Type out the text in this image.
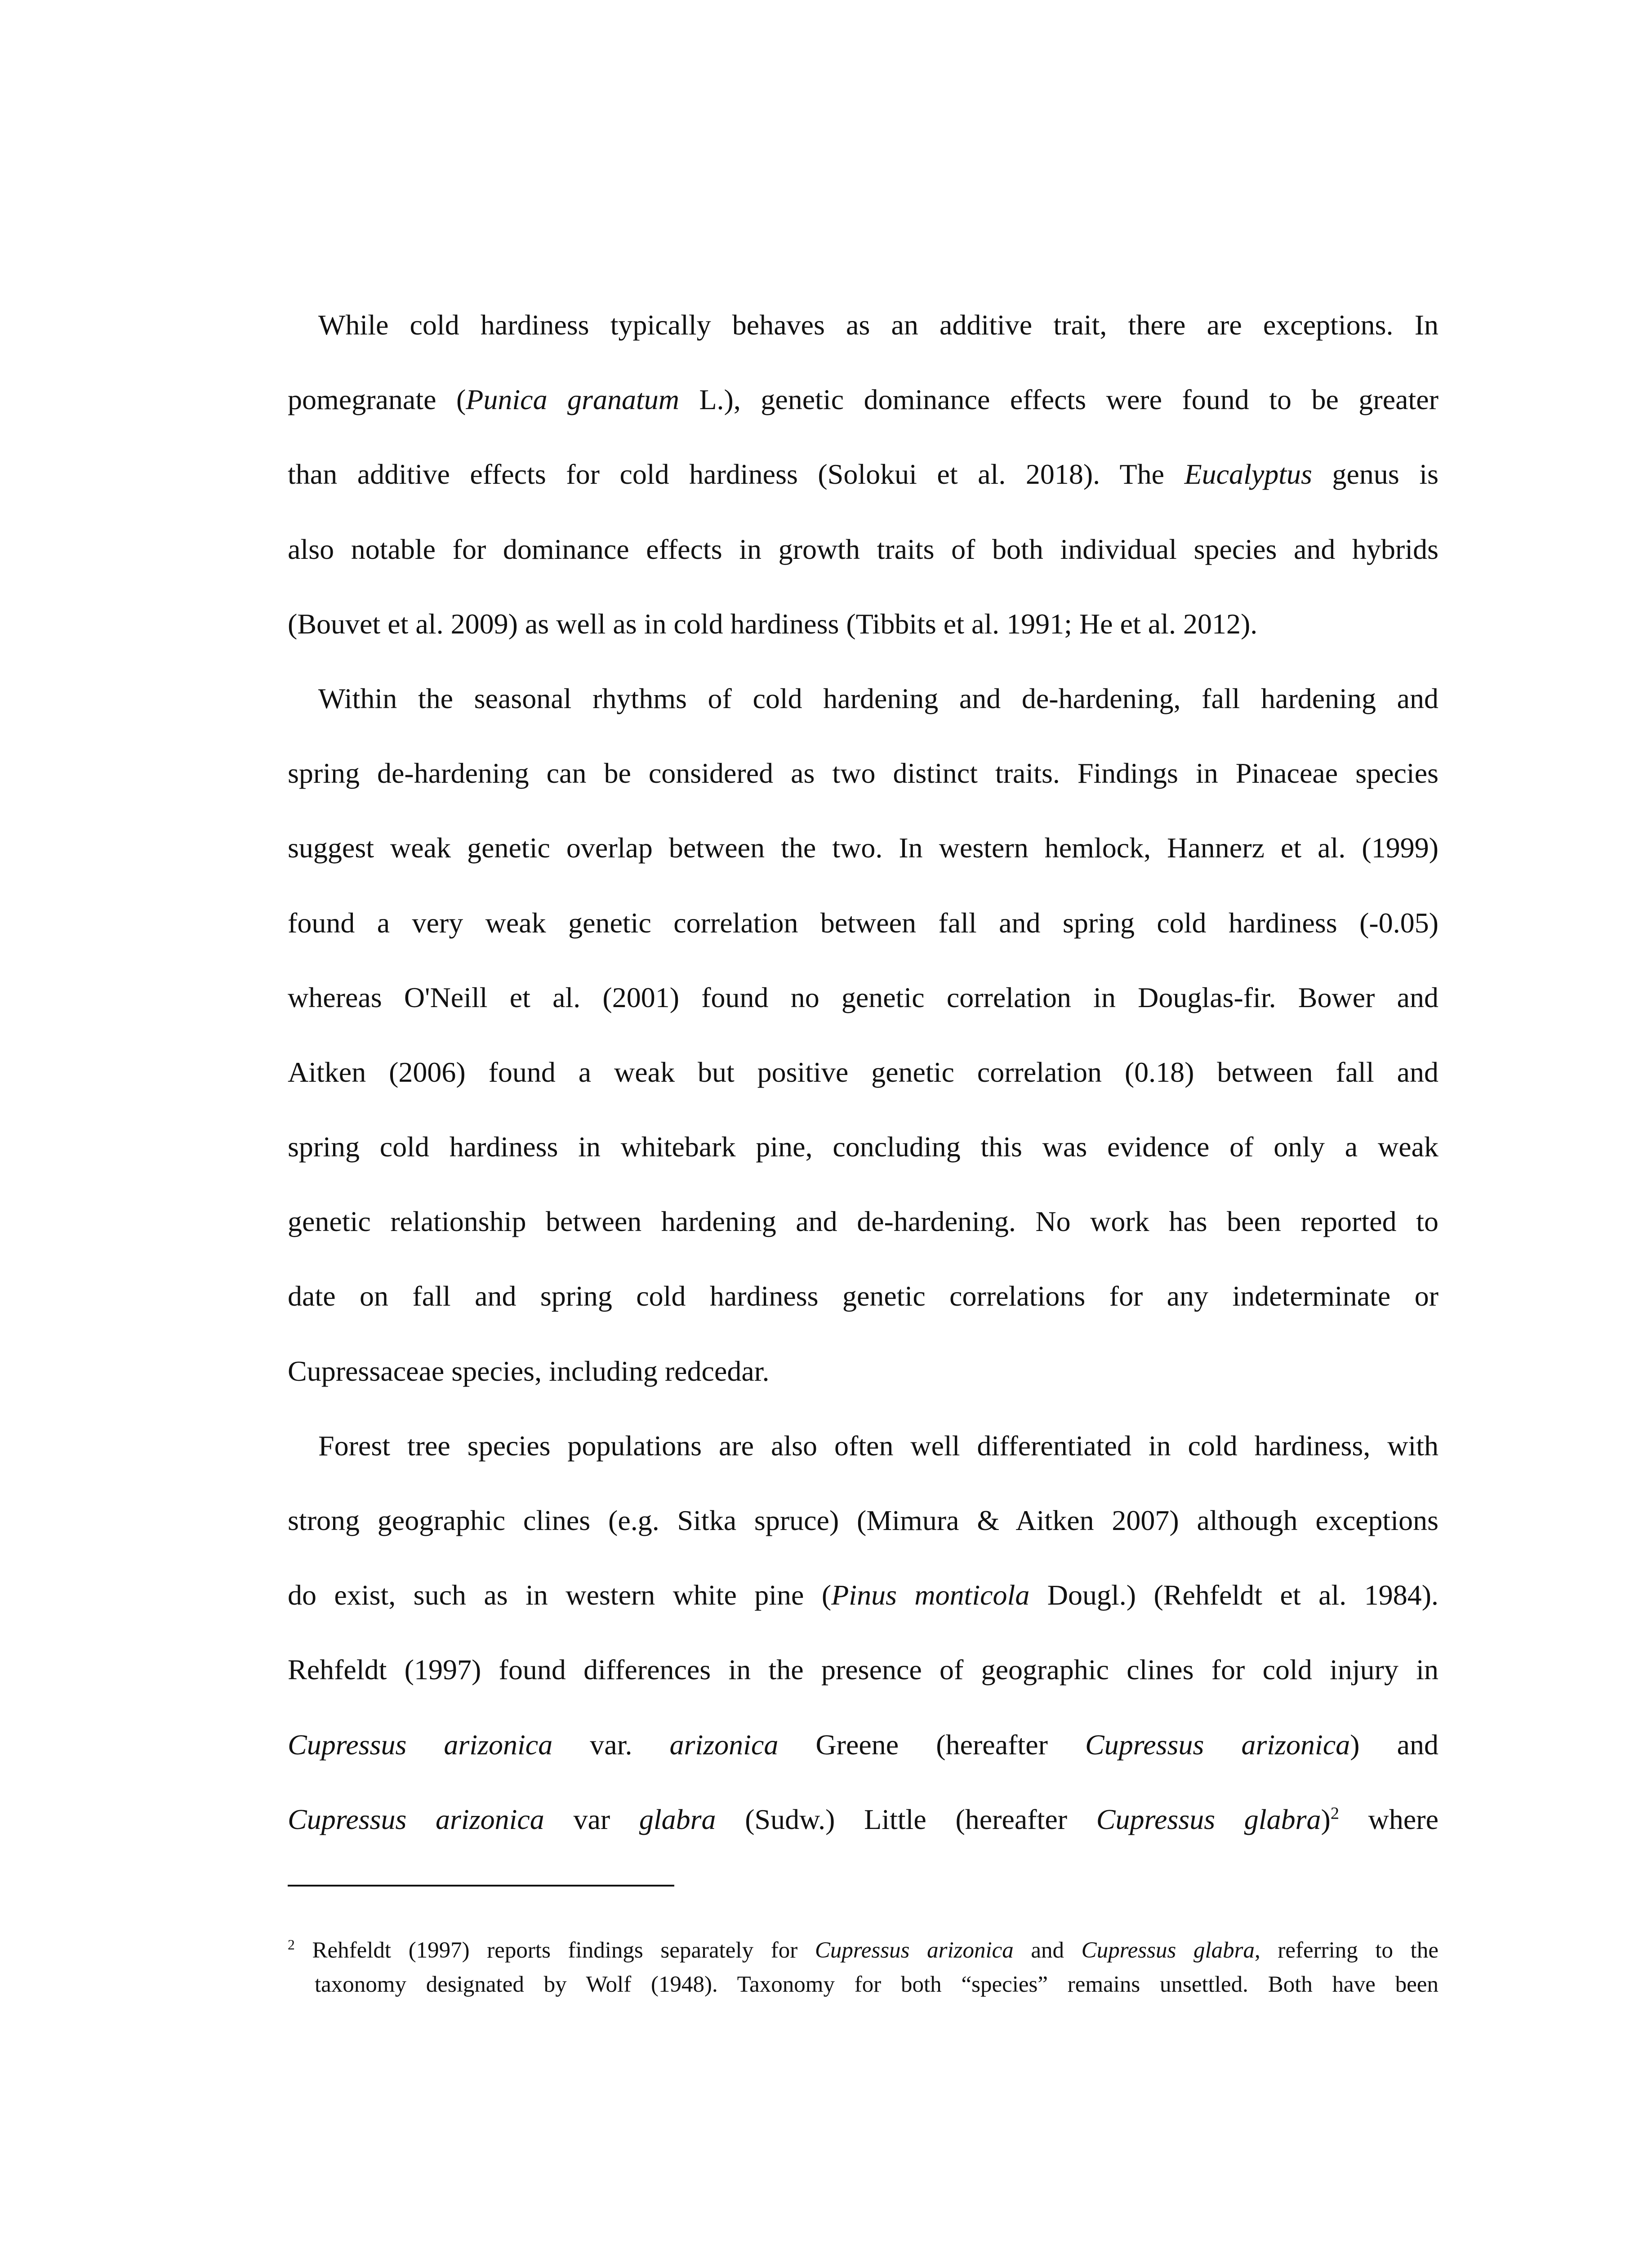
While cold hardiness typically behaves as an additive trait, there are exceptions. In
pomegranate (Punica granatum L.), genetic dominance effects were found to be greater
than additive effects for cold hardiness (Solokui et al. 2018). The Eucalyptus genus is
also notable for dominance effects in growth traits of both individual species and hybrids
(Bouvet et al. 2009) as well as in cold hardiness (Tibbits et al. 1991; He et al. 2012).
Within the seasonal rhythms of cold hardening and de-hardening, fall hardening and
spring de-hardening can be considered as two distinct traits. Findings in Pinaceae species
suggest weak genetic overlap between the two. In western hemlock, Hannerz et al. (1999)
found a very weak genetic correlation between fall and spring cold hardiness (-0.05)
whereas O'Neill et al. (2001) found no genetic correlation in Douglas-fir. Bower and
Aitken (2006) found a weak but positive genetic correlation (0.18) between fall and
spring cold hardiness in whitebark pine, concluding this was evidence of only a weak
genetic relationship between hardening and de-hardening. No work has been reported to
date on fall and spring cold hardiness genetic correlations for any indeterminate or
Cupressaceae species, including redcedar.
Forest tree species populations are also often well differentiated in cold hardiness, with
strong geographic clines (e.g. Sitka spruce) (Mimura & Aitken 2007) although exceptions
do exist, such as in western white pine (Pinus monticola Dougl.) (Rehfeldt et al. 1984).
Rehfeldt (1997) found differences in the presence of geographic clines for cold injury in
Cupressus arizonica var. arizonica Greene (hereafter Cupressus arizonica) and
Cupressus arizonica var glabra (Sudw.) Little (hereafter Cupressus glabra)$^2$ where
$^2$ Rehfeldt (1997) reports findings separately for Cupressus arizonica and Cupressus glabra, referring to the
taxonomy designated by Wolf (1948). Taxonomy for both “species” remains unsettled. Both have been
